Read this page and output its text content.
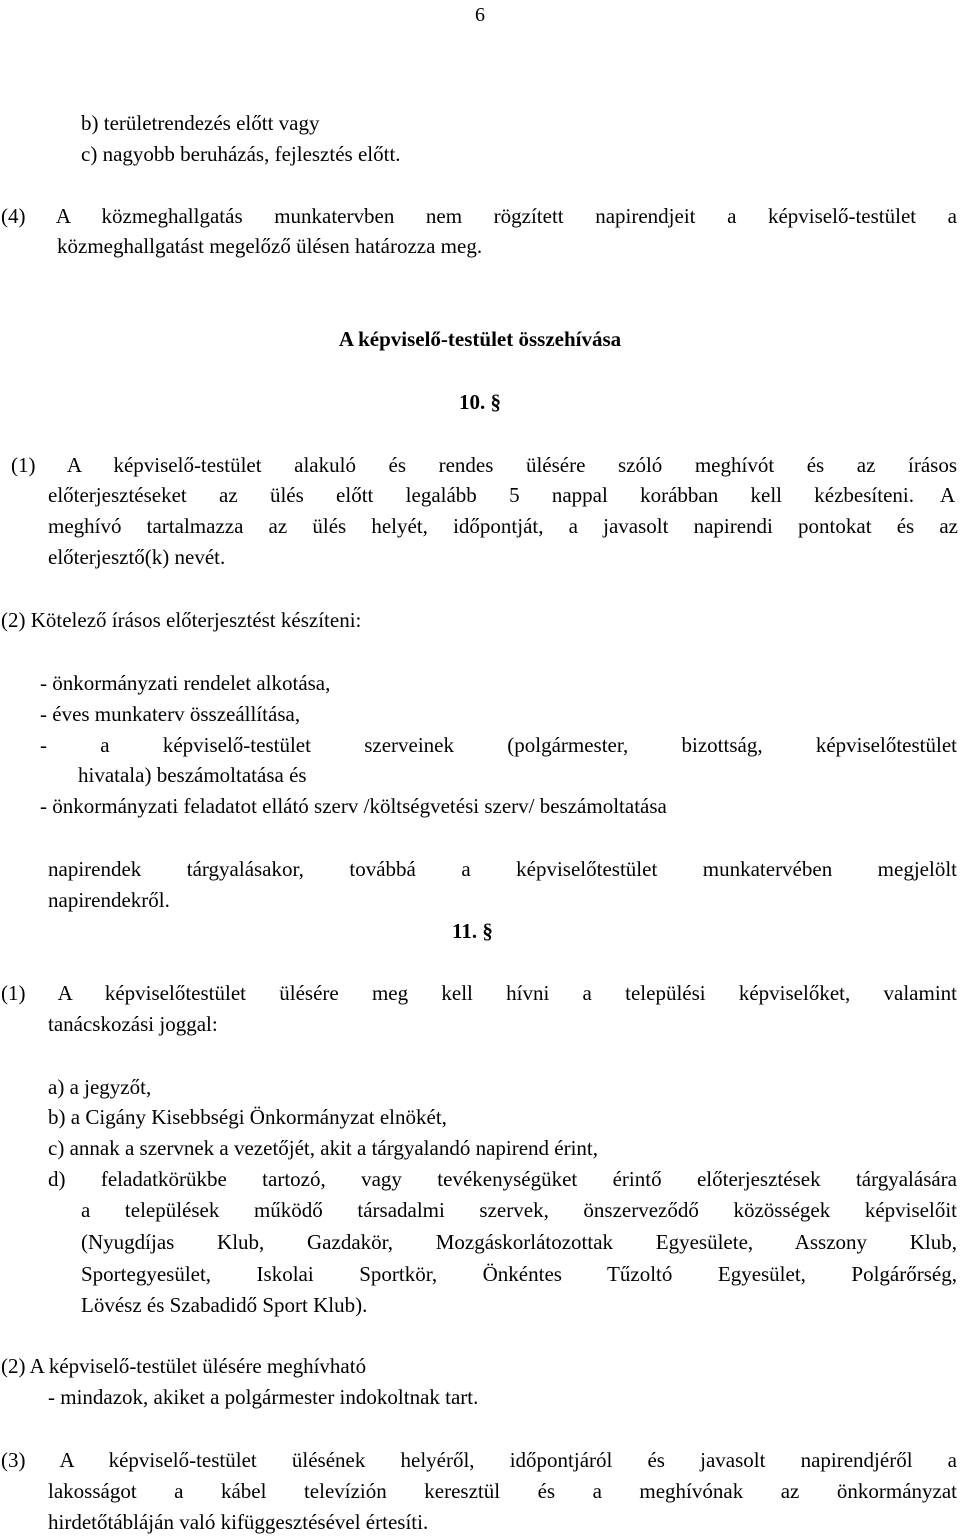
6
b) területrendezés előtt vagy
c) nagyobb beruházás, fejlesztés előtt.
(4) A közmeghallgatás munkatervben nem rögzített napirendjeit a képviselő-testület a
közmeghallgatást megelőző ülésen határozza meg.
A képviselő-testület összehívása
10. §
(1) A képviselő-testület alakuló és rendes ülésére szóló meghívót és az írásos
előterjesztéseket az ülés előtt legalább 5 nappal korábban kell kézbesíteni. A
meghívó tartalmazza az ülés helyét, időpontját, a javasolt napirendi pontokat és az
előterjesztő(k) nevét.
(2) Kötelező írásos előterjesztést készíteni:
- önkormányzati rendelet alkotása,
- éves munkaterv összeállítása,
- a képviselő-testület szerveinek (polgármester, bizottság, képviselőtestület
hivatala) beszámoltatása és
- önkormányzati feladatot ellátó szerv /költségvetési szerv/ beszámoltatása
napirendek tárgyalásakor, továbbá a képviselőtestület munkatervében megjelölt
napirendekről.
11. §
(1) A képviselőtestület ülésére meg kell hívni a települési képviselőket, valamint
tanácskozási joggal:
a) a jegyzőt,
b) a Cigány Kisebbségi Önkormányzat elnökét,
c) annak a szervnek a vezetőjét, akit a tárgyalandó napirend érint,
d) feladatkörükbe tartozó, vagy tevékenységüket érintő előterjesztések tárgyalására
a települések működő társadalmi szervek, önszerveződő közösségek képviselőit
(Nyugdíjas Klub, Gazdakör, Mozgáskorlátozottak Egyesülete, Asszony Klub,
Sportegyesület, Iskolai Sportkör, Önkéntes Tűzoltó Egyesület, Polgárőrség,
Lövész és Szabadidő Sport Klub).
(2) A képviselő-testület ülésére meghívható
- mindazok, akiket a polgármester indokoltnak tart.
(3) A képviselő-testület ülésének helyéről, időpontjáról és javasolt napirendjéről a
lakosságot a kábel televízión keresztül és a meghívónak az önkormányzat
hirdetőtábláján való kifüggesztésével értesíti.
